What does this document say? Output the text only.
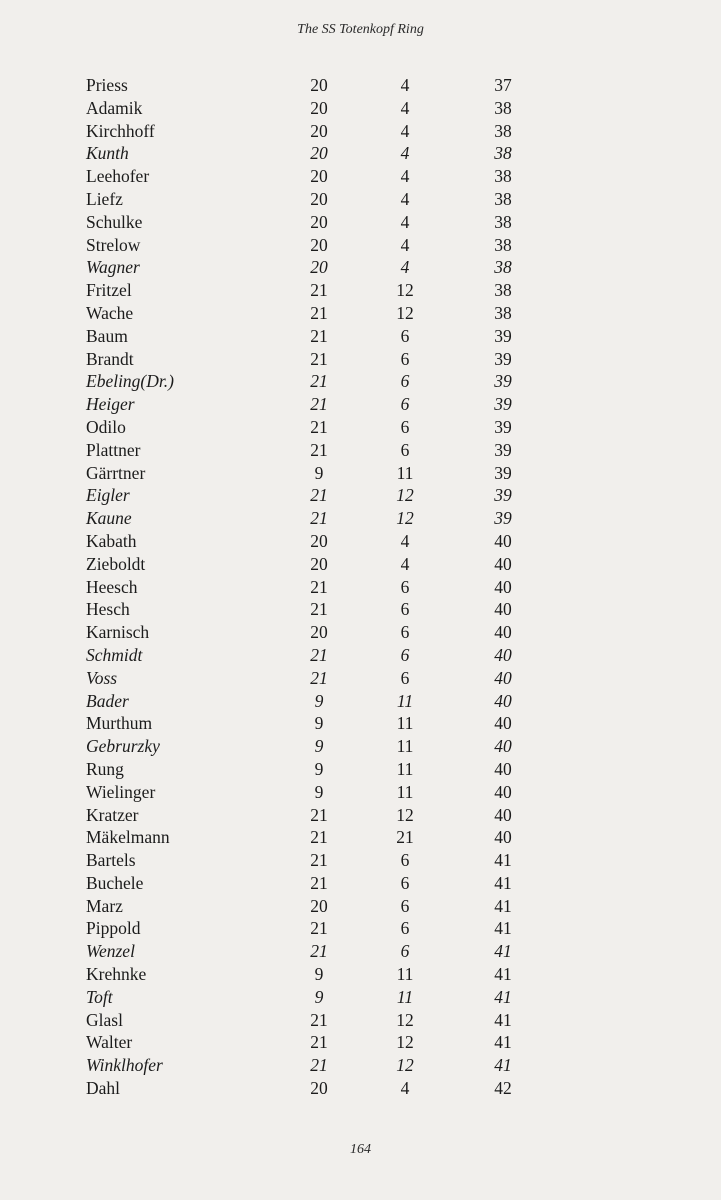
The SS Totenkopf Ring
Priess	20	4	37
Adamik	20	4	38
Kirchhoff	20	4	38
Kunth	20	4	38
Leehofer	20	4	38
Liefz	20	4	38
Schulke	20	4	38
Strelow	20	4	38
Wagner	20	4	38
Fritzel	21	12	38
Wache	21	12	38
Baum	21	6	39
Brandt	21	6	39
Ebeling(Dr.)	21	6	39
Heiger	21	6	39
Odilo	21	6	39
Plattner	21	6	39
Gärrtner	9	11	39
Eigler	21	12	39
Kaune	21	12	39
Kabath	20	4	40
Zieboldt	20	4	40
Heesch	21	6	40
Hesch	21	6	40
Karnisch	20	6	40
Schmidt	21	6	40
Voss	21	6	40
Bader	9	11	40
Murthum	9	11	40
Gebrurzky	9	11	40
Rung	9	11	40
Wielinger	9	11	40
Kratzer	21	12	40
Mäkelmann	21	21	40
Bartels	21	6	41
Buchele	21	6	41
Marz	20	6	41
Pippold	21	6	41
Wenzel	21	6	41
Krehnke	9	11	41
Toft	9	11	41
Glasl	21	12	41
Walter	21	12	41
Winklhofer	21	12	41
Dahl	20	4	42
164
